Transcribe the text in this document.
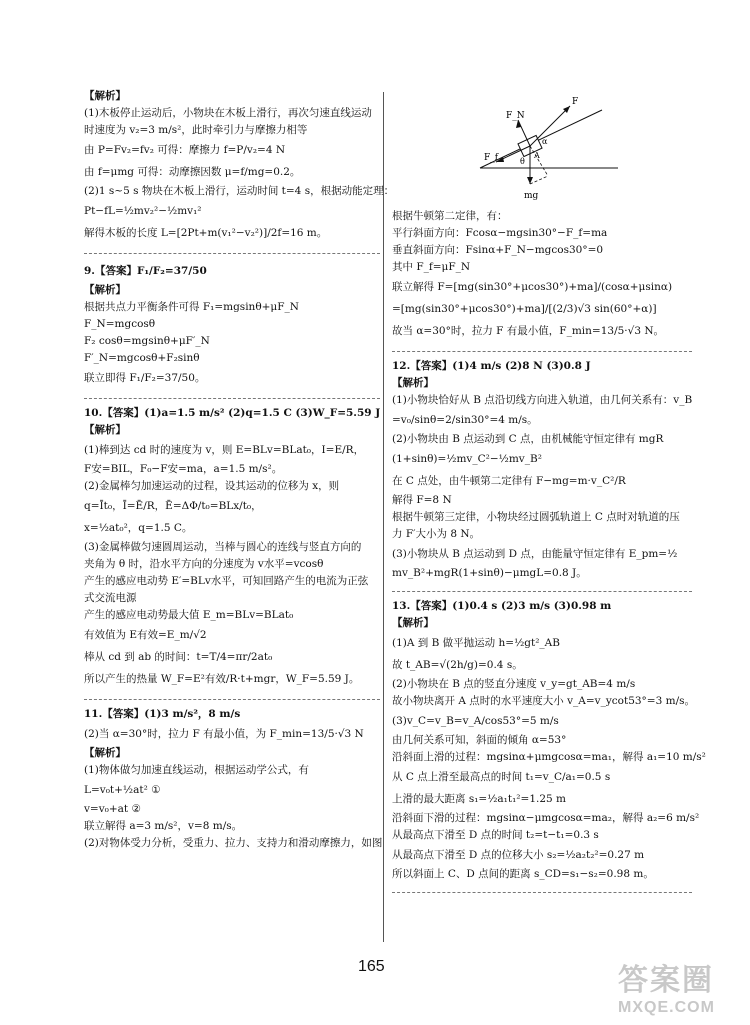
【解析】
(1)木板停止运动后，小物块在木板上滑行，再次匀速直线运动
时速度为 v₂=3 m/s²，此时牵引力与摩擦力相等
由 P=Fv₂=fv₂ 可得：摩擦力 f=P/v₂=4 N
由 f=μmg 可得：动摩擦因数 μ=f/mg=0.2。
(2)1 s~5 s 物块在木板上滑行，运动时间 t=4 s，根据动能定理：
Pt−fL=½mv₂²−½mv₁²
解得木板的长度 L=[2Pt+m(v₁²−v₂²)]/2f=16 m。
9.【答案】F₁/F₂=37/50
【解析】
根据共点力平衡条件可得 F₁=mgsinθ+μF_N
F_N=mgcosθ
F₂ cosθ=mgsinθ+μF′_N
F′_N=mgcosθ+F₂sinθ
联立即得 F₁/F₂=37/50。
10.【答案】(1)a=1.5 m/s² (2)q=1.5 C (3)W_F=5.59 J
【解析】
(1)棒到达 cd 时的速度为 v，则 E=BLv=BLat₀，I=E/R，
F安=BIL，F₀−F安=ma，a=1.5 m/s²。
(2)金属棒匀加速运动的过程，设其运动的位移为 x，则
q=Īt₀，Ī=Ē/R，Ē=ΔΦ/t₀=BLx/t₀，
x=½at₀²，q=1.5 C。
(3)金属棒做匀速圆周运动，当棒与圆心的连线与竖直方向的
夹角为 θ 时，沿水平方向的分速度为 v水平=vcosθ
产生的感应电动势 E′=BLv水平，可知回路产生的电流为正弦
式交流电源
产生的感应电动势最大值 E_m=BLv=BLat₀
有效值为 E有效=E_m/√2
棒从 cd 到 ab 的时间：t=T/4=πr/2at₀
所以产生的热量 W_F=E²有效/R·t+mgr，W_F=5.59 J。
11.【答案】(1)3 m/s²，8 m/s
(2)当 α=30°时，拉力 F 有最小值，为 F_min=13/5·√3 N
【解析】
(1)物体做匀加速直线运动，根据运动学公式，有
L=v₀t+½at² ①
v=v₀+at ②
联立解得 a=3 m/s²，v=8 m/s。
(2)对物体受力分析，受重力、拉力、支持力和滑动摩擦力，如图
F
F_N
F_f	θ
A
α
mg
根据牛顿第二定律，有：
平行斜面方向：Fcosα−mgsin30°−F_f=ma
垂直斜面方向：Fsinα+F_N−mgcos30°=0
其中 F_f=μF_N
联立解得 F=[mg(sin30°+μcos30°)+ma]/(cosα+μsinα)
=[mg(sin30°+μcos30°)+ma]/[(2/3)√3 sin(60°+α)]
故当 α=30°时，拉力 F 有最小值，F_min=13/5·√3 N。
12.【答案】(1)4 m/s (2)8 N (3)0.8 J
【解析】
(1)小物块恰好从 B 点沿切线方向进入轨道，由几何关系有：v_B
=v₀/sinθ=2/sin30°=4 m/s。
(2)小物块由 B 点运动到 C 点，由机械能守恒定律有 mgR
(1+sinθ)=½mv_C²−½mv_B²
在 C 点处，由牛顿第二定律有 F−mg=m·v_C²/R
解得 F=8 N
根据牛顿第三定律，小物块经过圆弧轨道上 C 点时对轨道的压
力 F′大小为 8 N。
(3)小物块从 B 点运动到 D 点，由能量守恒定律有 E_pm=½
mv_B²+mgR(1+sinθ)−μmgL=0.8 J。
13.【答案】(1)0.4 s (2)3 m/s (3)0.98 m
【解析】
(1)A 到 B 做平抛运动 h=½gt²_AB
故 t_AB=√(2h/g)=0.4 s。
(2)小物块在 B 点的竖直分速度 v_y=gt_AB=4 m/s
故小物块离开 A 点时的水平速度大小 v_A=v_ycot53°=3 m/s。
(3)v_C=v_B=v_A/cos53°=5 m/s
由几何关系可知，斜面的倾角 α=53°
沿斜面上滑的过程：mgsinα+μmgcosα=ma₁，解得 a₁=10 m/s²
从 C 点上滑至最高点的时间 t₁=v_C/a₁=0.5 s
上滑的最大距离 s₁=½a₁t₁²=1.25 m
沿斜面下滑的过程：mgsinα−μmgcosα=ma₂，解得 a₂=6 m/s²
从最高点下滑至 D 点的时间 t₂=t−t₁=0.3 s
从最高点下滑至 D 点的位移大小 s₂=½a₂t₂²=0.27 m
所以斜面上 C、D 点间的距离 s_CD=s₁−s₂=0.98 m。
165	答案圈
MXQE.COM
